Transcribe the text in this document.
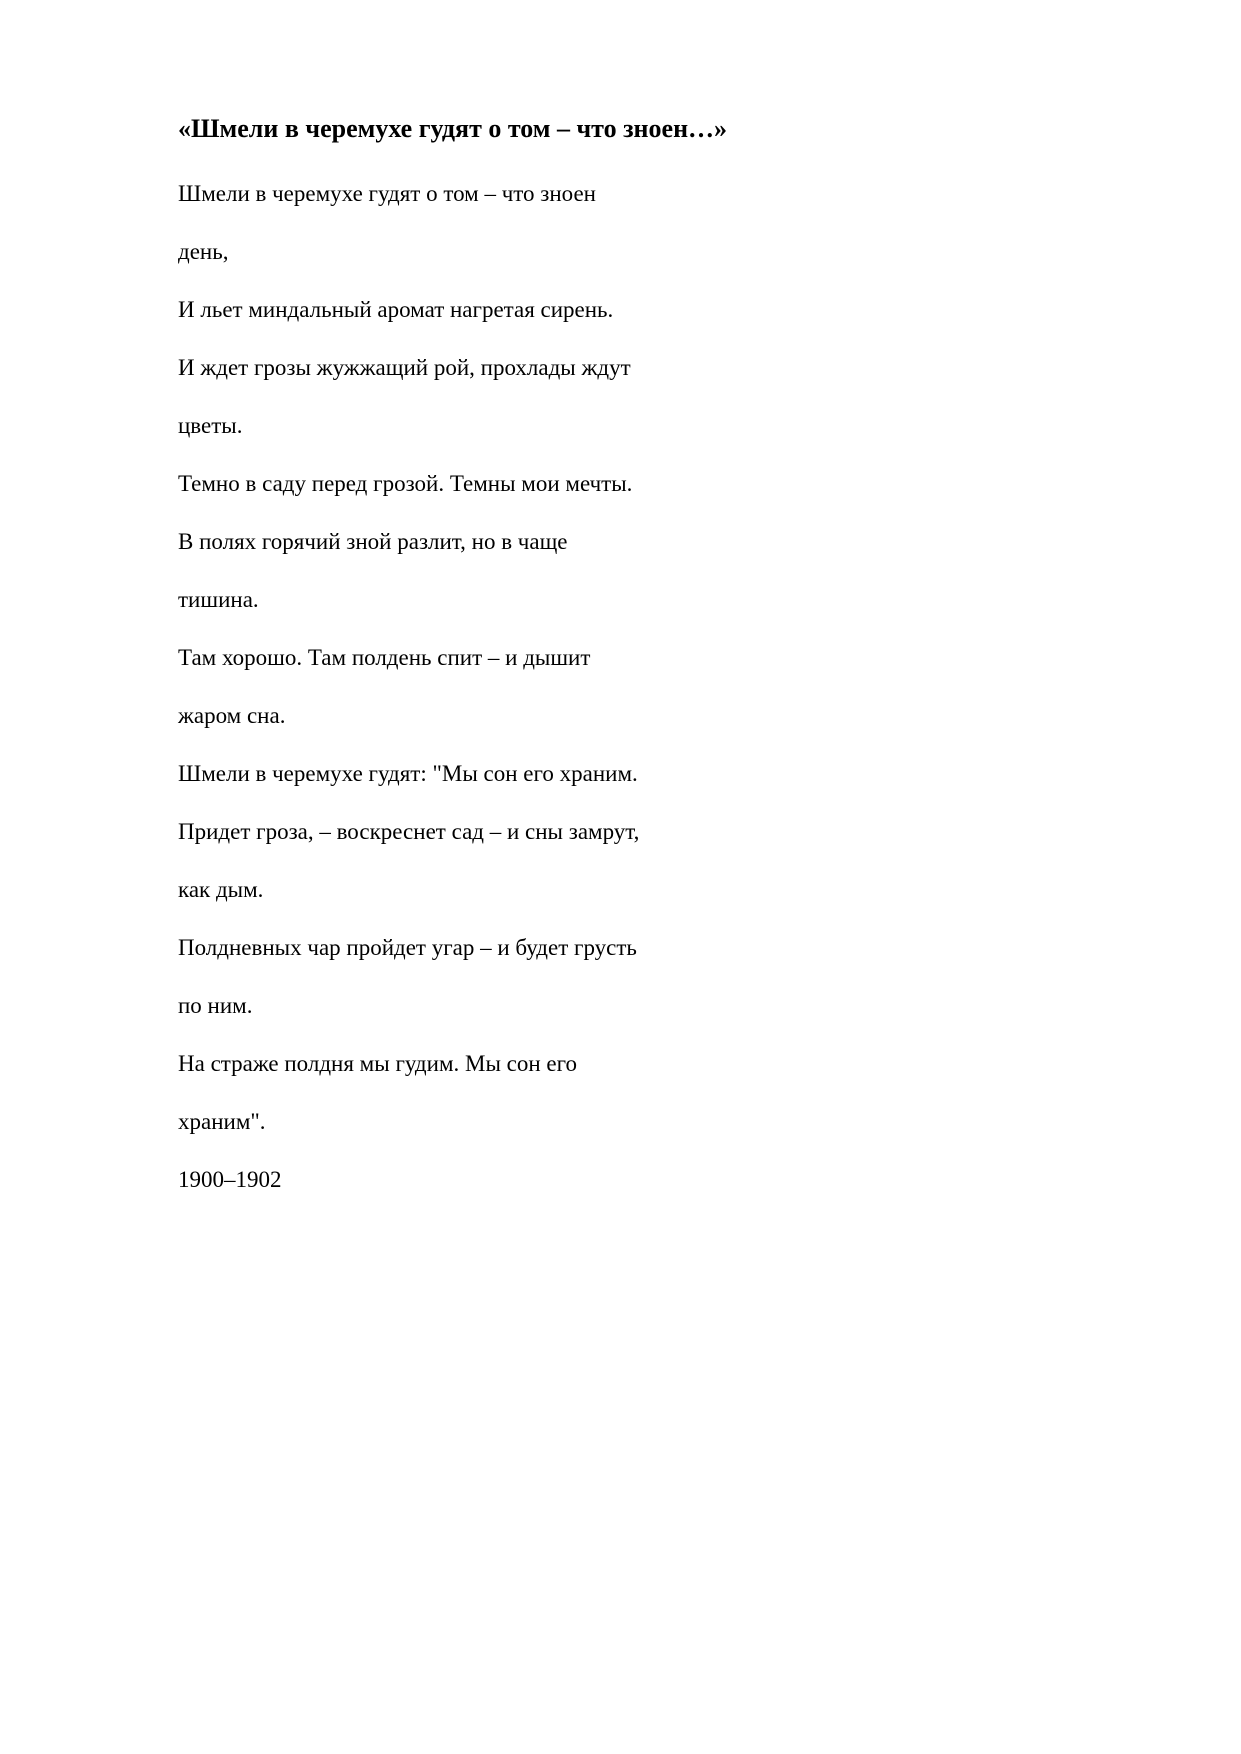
«Шмели в черемухе гудят о том – что зноен…»

Шмели в черемухе гудят о том – что зноен

день,

И льет миндальный аромат нагретая сирень.

И ждет грозы жужжащий рой, прохлады ждут

цветы.

Темно в саду перед грозой. Темны мои мечты.

В полях горячий зной разлит, но в чаще

тишина.

Там хорошо. Там полдень спит – и дышит

жаром сна.

Шмели в черемухе гудят: "Мы сон его храним.

Придет гроза, – воскреснет сад – и сны замрут,

как дым.

Полдневных чар пройдет угар – и будет грусть

по ним.

На страже полдня мы гудим. Мы сон его

храним".

1900–1902
